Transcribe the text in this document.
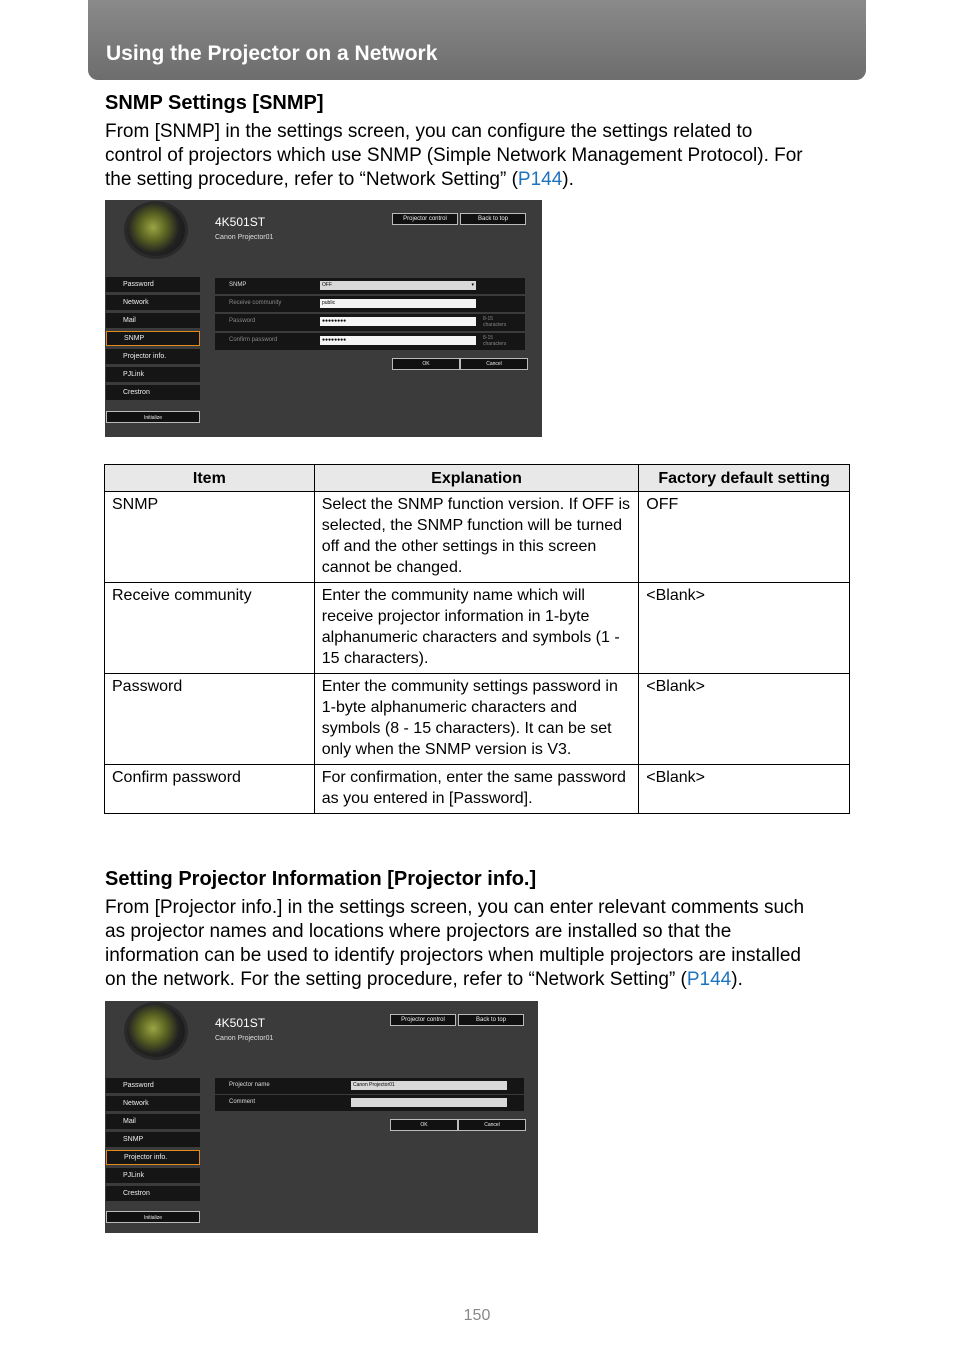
Using the Projector on a Network
SNMP Settings [SNMP]
From [SNMP] in the settings screen, you can configure the settings related to
control of projectors which use SNMP (Simple Network Management Protocol). For
the setting procedure, refer to “Network Setting” (P144).
4K501ST
Canon Projector01
Projector control	Back to top
Password
Network
Mail
SNMP
Projector info.
PJLink
Crestron
Initialize
SNMP	OFF	▾
Receive community	public
Password	●●●●●●●●	8-15 characters
Confirm password	●●●●●●●●	8-15 characters
OK	Cancel
Item	Explanation	Factory default setting
SNMP	Select the SNMP function version. If OFF is selected, the SNMP function will be turned off and the other settings in this screen cannot be changed.	OFF
Receive community	Enter the community name which will receive projector information in 1-byte alphanumeric characters and symbols (1 - 15 characters).	<Blank>
Password	Enter the community settings password in 1-byte alphanumeric characters and symbols (8 - 15 characters). It can be set only when the SNMP version is V3.	<Blank>
Confirm password	For confirmation, enter the same password as you entered in [Password].	<Blank>
Setting Projector Information [Projector info.]
From [Projector info.] in the settings screen, you can enter relevant comments such
as projector names and locations where projectors are installed so that the
information can be used to identify projectors when multiple projectors are installed
on the network. For the setting procedure, refer to “Network Setting” (P144).
4K501ST
Canon Projector01
Projector control	Back to top
Password
Network
Mail
SNMP
Projector info.
PJLink
Crestron
Initialize
Projector name	Canon Projector01
Comment
OK	Cancel
150
